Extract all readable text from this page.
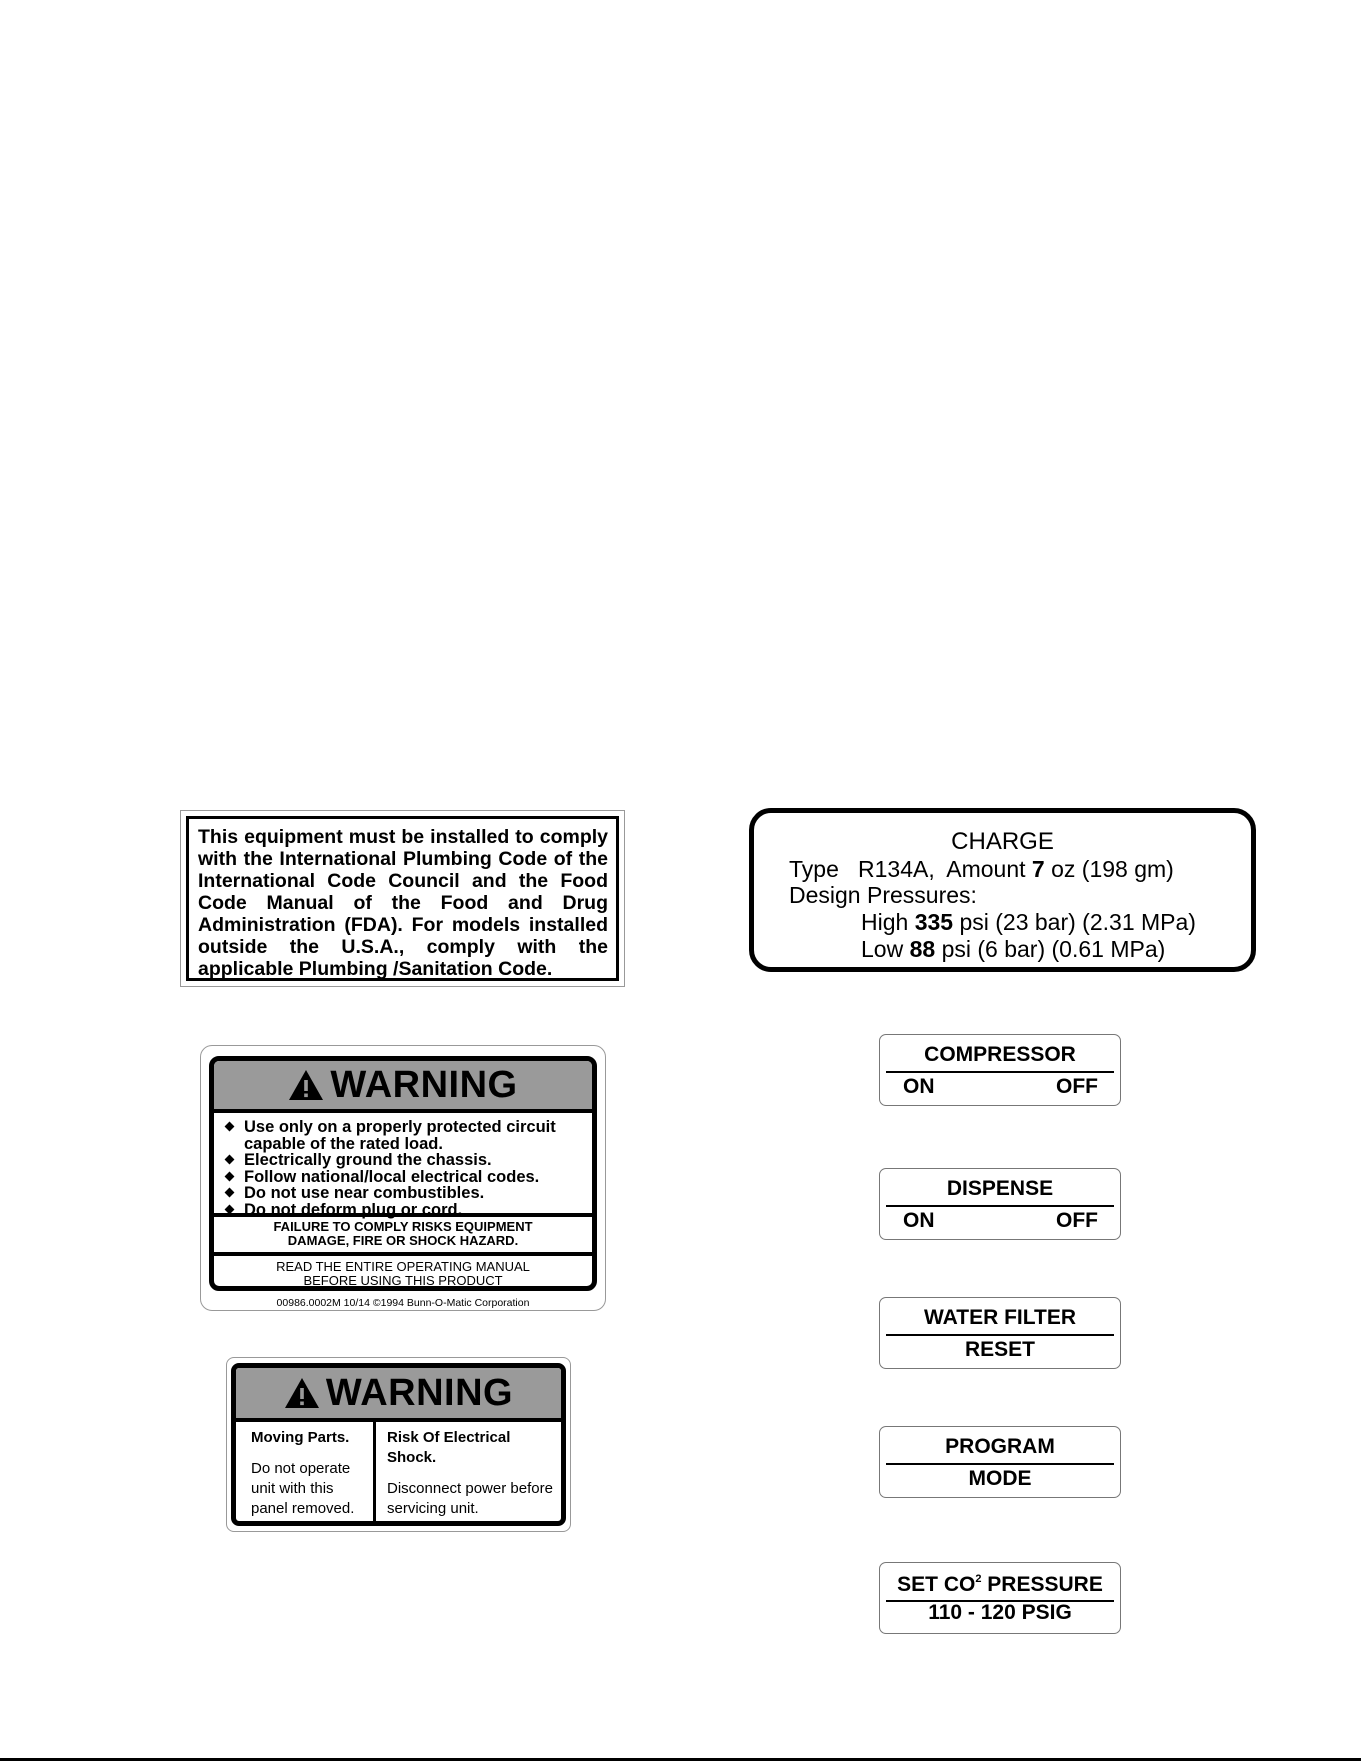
This equipment must be installed to comply with the International Plumbing Code of the International Code Council and the Food Code Manual of the Food and Drug Administration (FDA). For models installed outside the U.S.A., comply with the applicable Plumbing /Sanitation Code.
CHARGE
Type   R134A,  Amount 7 oz (198 gm)
Design Pressures:
High 335 psi (23 bar) (2.31 MPa)
Low 88 psi (6 bar) (0.61 MPa)
WARNING
Use only on a properly protected circuit
capable of the rated load.
Electrically ground the chassis.
Follow national/local electrical codes.
Do not use near combustibles.
Do not deform plug or cord.
FAILURE TO COMPLY RISKS EQUIPMENT
DAMAGE, FIRE OR SHOCK HAZARD.
READ THE ENTIRE OPERATING MANUAL
BEFORE USING THIS PRODUCT
00986.0002M 10/14 ©1994 Bunn-O-Matic Corporation
WARNING
Moving Parts.
Do not operate
unit with this
panel removed.
Risk Of Electrical Shock.
Disconnect power before
servicing unit.
COMPRESSOR
ON	OFF
DISPENSE
ON	OFF
WATER FILTER
RESET
PROGRAM
MODE
SET $CO^2$ PRESSURE
110 - 120 PSIG
